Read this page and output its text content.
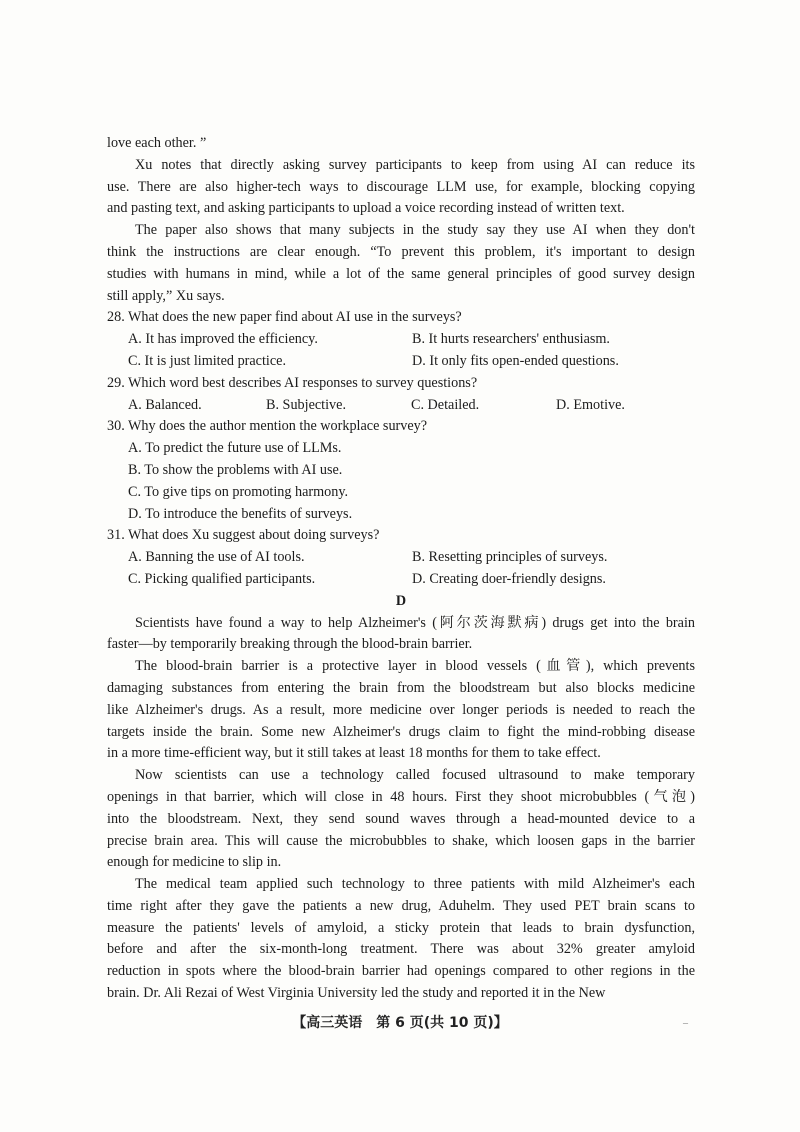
love each other. ”
Xu notes that directly asking survey participants to keep from using AI can reduce its
use. There are also higher-tech ways to discourage LLM use, for example, blocking copying
and pasting text, and asking participants to upload a voice recording instead of written text.
The paper also shows that many subjects in the study say they use AI when they don't
think the instructions are clear enough. “To prevent this problem, it's important to design
studies with humans in mind, while a lot of the same general principles of good survey design
still apply,” Xu says.
28. What does the new paper find about AI use in the surveys?
A. It has improved the efficiency.	B. It hurts researchers' enthusiasm.
C. It is just limited practice.	D. It only fits open-ended questions.
29. Which word best describes AI responses to survey questions?
A. Balanced.	B. Subjective.	C. Detailed.	D. Emotive.
30. Why does the author mention the workplace survey?
A. To predict the future use of LLMs.
B. To show the problems with AI use.
C. To give tips on promoting harmony.
D. To introduce the benefits of surveys.
31. What does Xu suggest about doing surveys?
A. Banning the use of AI tools.	B. Resetting principles of surveys.
C. Picking qualified participants.	D. Creating doer-friendly designs.
D
Scientists have found a way to help Alzheimer's (阿尔茨海默病) drugs get into the brain
faster—by temporarily breaking through the blood-brain barrier.
The blood-brain barrier is a protective layer in blood vessels (血管), which prevents
damaging substances from entering the brain from the bloodstream but also blocks medicine
like Alzheimer's drugs. As a result, more medicine over longer periods is needed to reach the
targets inside the brain. Some new Alzheimer's drugs claim to fight the mind-robbing disease
in a more time-efficient way, but it still takes at least 18 months for them to take effect.
Now scientists can use a technology called focused ultrasound to make temporary
openings in that barrier, which will close in 48 hours. First they shoot microbubbles (气泡)
into the bloodstream. Next, they send sound waves through a head-mounted device to a
precise brain area. This will cause the microbubbles to shake, which loosen gaps in the barrier
enough for medicine to slip in.
The medical team applied such technology to three patients with mild Alzheimer's each
time right after they gave the patients a new drug, Aduhelm. They used PET brain scans to
measure the patients' levels of amyloid, a sticky protein that leads to brain dysfunction,
before and after the six-month-long treatment. There was about 32% greater amyloid
reduction in spots where the blood-brain barrier had openings compared to other regions in the
brain. Dr. Ali Rezai of West Virginia University led the study and reported it in the New
【高三英语　第 6 页(共 10 页)】	–
